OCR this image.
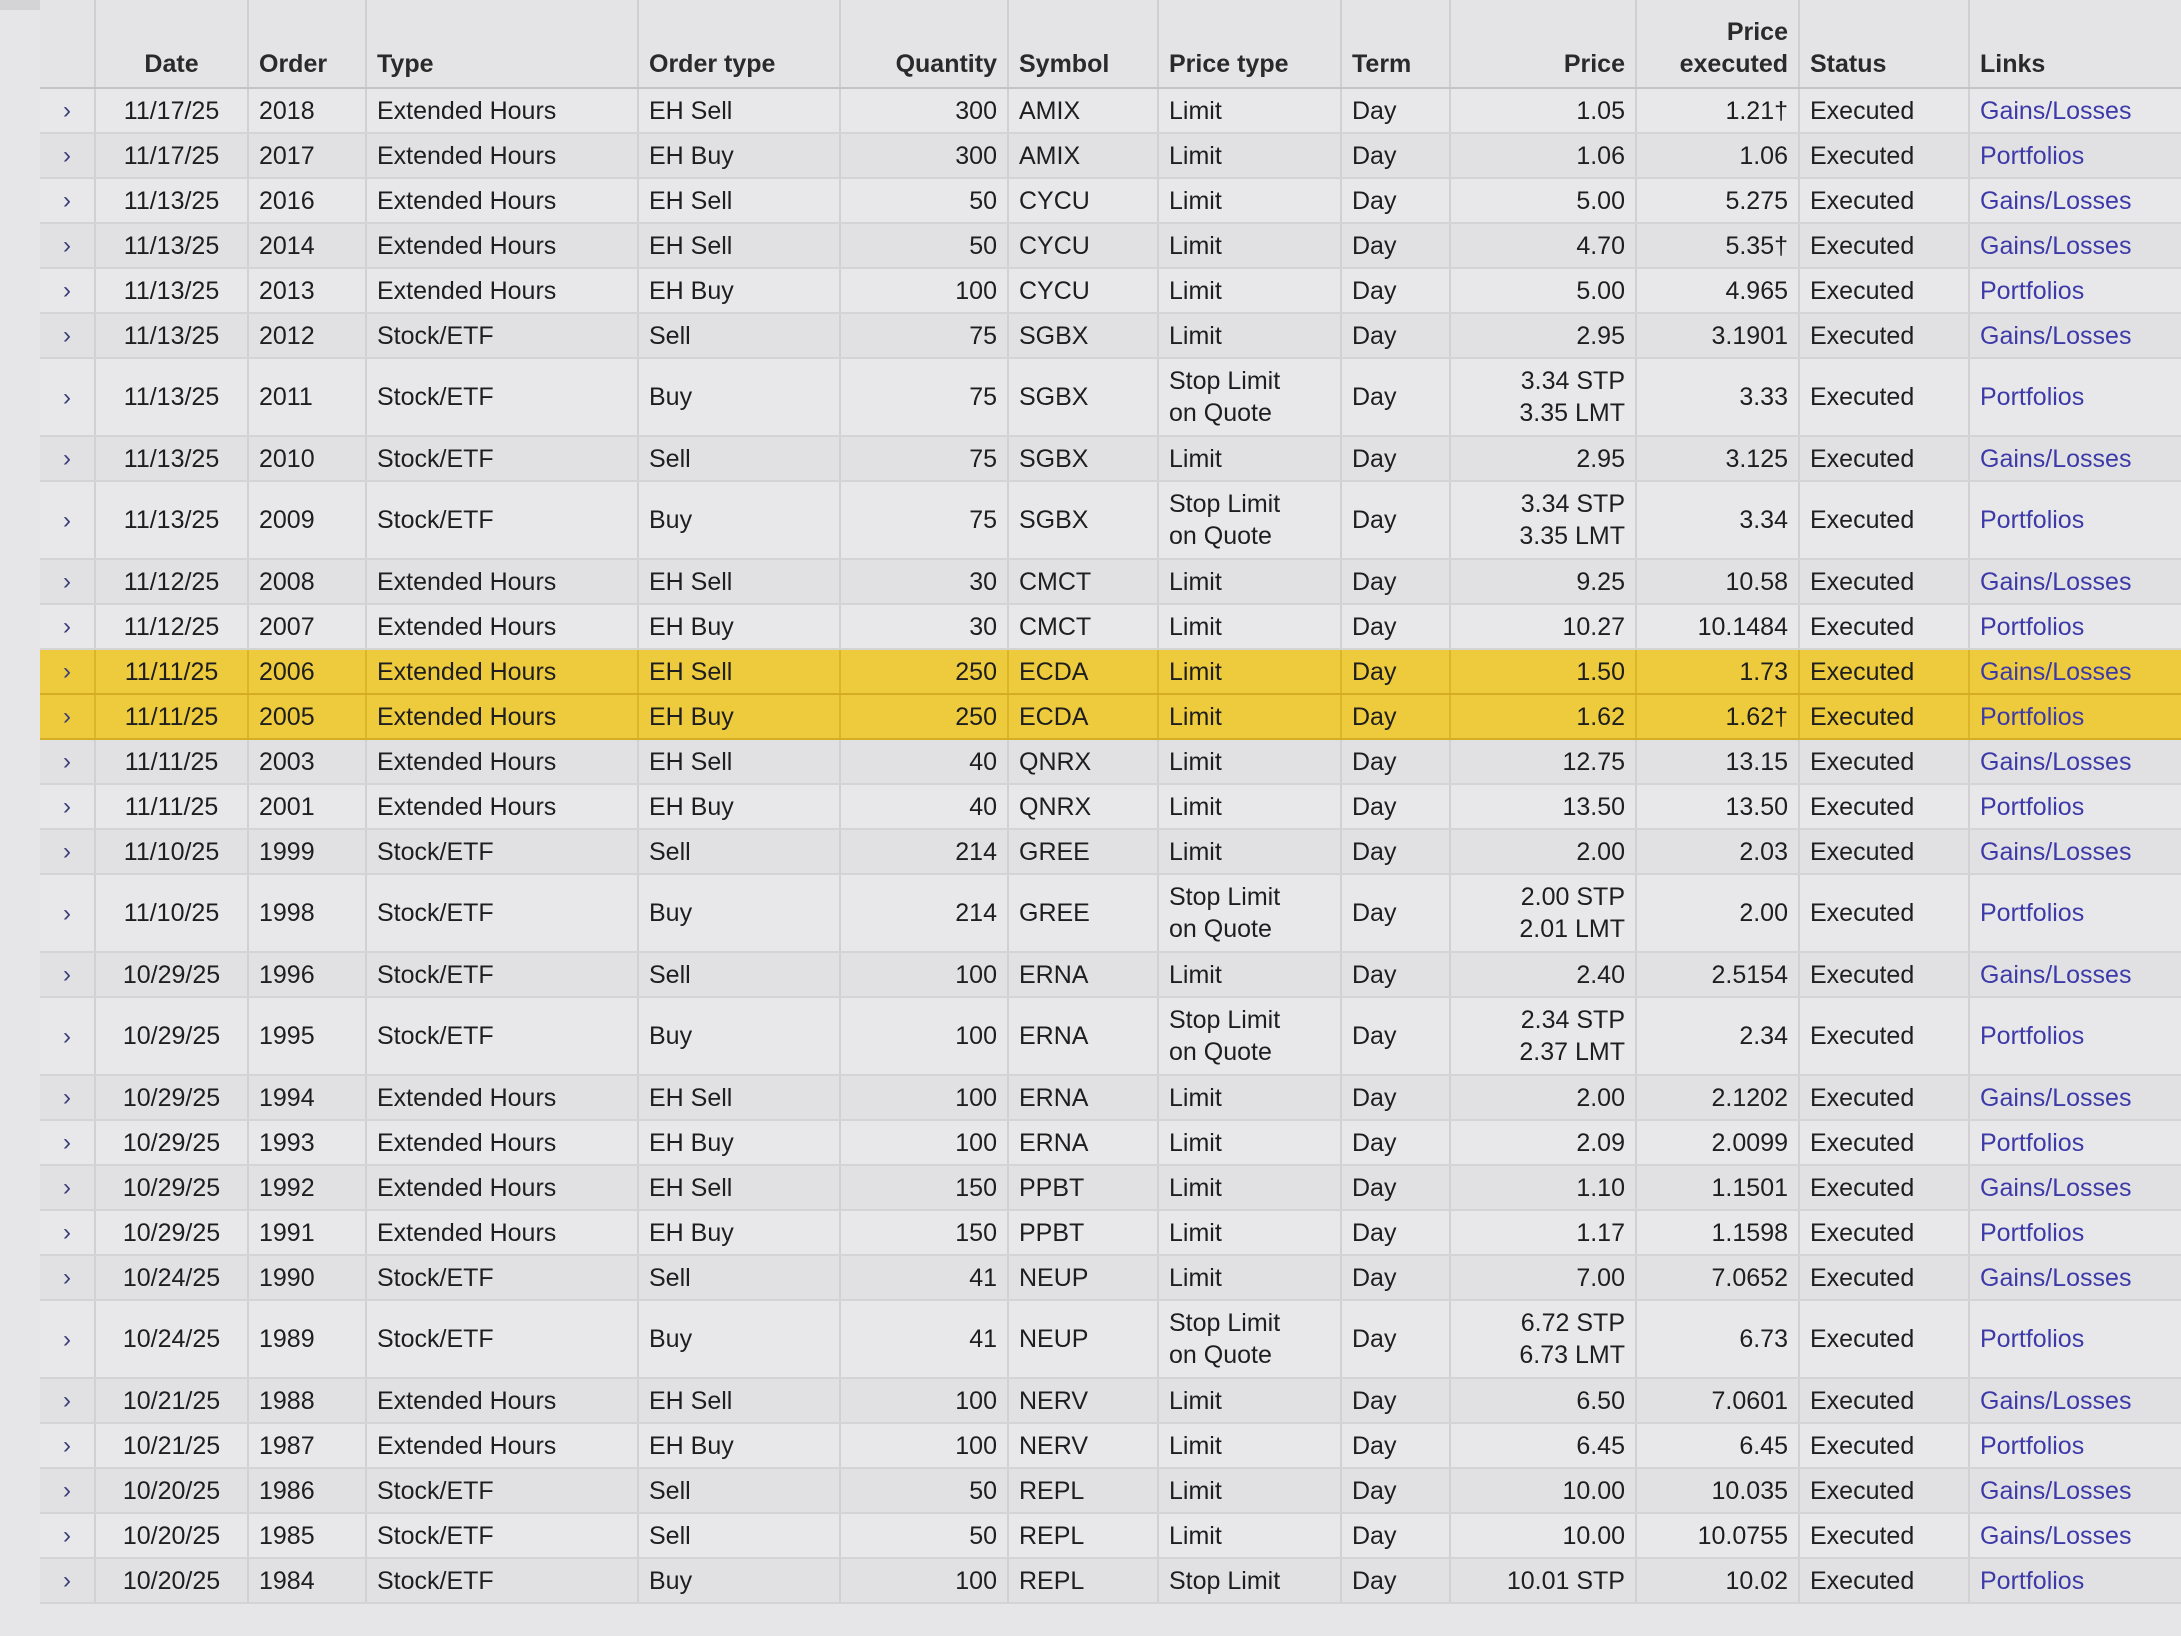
	Date	Order	Type	Order type	Quantity	Symbol	Price type	Term	Price	Price
executed	Status	Links
›	11/17/25	2018	Extended Hours	EH Sell	300	AMIX	Limit	Day	1.05	1.21†	Executed	Gains/Losses
›	11/17/25	2017	Extended Hours	EH Buy	300	AMIX	Limit	Day	1.06	1.06	Executed	Portfolios
›	11/13/25	2016	Extended Hours	EH Sell	50	CYCU	Limit	Day	5.00	5.275	Executed	Gains/Losses
›	11/13/25	2014	Extended Hours	EH Sell	50	CYCU	Limit	Day	4.70	5.35†	Executed	Gains/Losses
›	11/13/25	2013	Extended Hours	EH Buy	100	CYCU	Limit	Day	5.00	4.965	Executed	Portfolios
›	11/13/25	2012	Stock/ETF	Sell	75	SGBX	Limit	Day	2.95	3.1901	Executed	Gains/Losses
›	11/13/25	2011	Stock/ETF	Buy	75	SGBX	Stop Limit
on Quote	Day	3.34 STP
3.35 LMT	3.33	Executed	Portfolios
›	11/13/25	2010	Stock/ETF	Sell	75	SGBX	Limit	Day	2.95	3.125	Executed	Gains/Losses
›	11/13/25	2009	Stock/ETF	Buy	75	SGBX	Stop Limit
on Quote	Day	3.34 STP
3.35 LMT	3.34	Executed	Portfolios
›	11/12/25	2008	Extended Hours	EH Sell	30	CMCT	Limit	Day	9.25	10.58	Executed	Gains/Losses
›	11/12/25	2007	Extended Hours	EH Buy	30	CMCT	Limit	Day	10.27	10.1484	Executed	Portfolios
›	11/11/25	2006	Extended Hours	EH Sell	250	ECDA	Limit	Day	1.50	1.73	Executed	Gains/Losses
›	11/11/25	2005	Extended Hours	EH Buy	250	ECDA	Limit	Day	1.62	1.62†	Executed	Portfolios
›	11/11/25	2003	Extended Hours	EH Sell	40	QNRX	Limit	Day	12.75	13.15	Executed	Gains/Losses
›	11/11/25	2001	Extended Hours	EH Buy	40	QNRX	Limit	Day	13.50	13.50	Executed	Portfolios
›	11/10/25	1999	Stock/ETF	Sell	214	GREE	Limit	Day	2.00	2.03	Executed	Gains/Losses
›	11/10/25	1998	Stock/ETF	Buy	214	GREE	Stop Limit
on Quote	Day	2.00 STP
2.01 LMT	2.00	Executed	Portfolios
›	10/29/25	1996	Stock/ETF	Sell	100	ERNA	Limit	Day	2.40	2.5154	Executed	Gains/Losses
›	10/29/25	1995	Stock/ETF	Buy	100	ERNA	Stop Limit
on Quote	Day	2.34 STP
2.37 LMT	2.34	Executed	Portfolios
›	10/29/25	1994	Extended Hours	EH Sell	100	ERNA	Limit	Day	2.00	2.1202	Executed	Gains/Losses
›	10/29/25	1993	Extended Hours	EH Buy	100	ERNA	Limit	Day	2.09	2.0099	Executed	Portfolios
›	10/29/25	1992	Extended Hours	EH Sell	150	PPBT	Limit	Day	1.10	1.1501	Executed	Gains/Losses
›	10/29/25	1991	Extended Hours	EH Buy	150	PPBT	Limit	Day	1.17	1.1598	Executed	Portfolios
›	10/24/25	1990	Stock/ETF	Sell	41	NEUP	Limit	Day	7.00	7.0652	Executed	Gains/Losses
›	10/24/25	1989	Stock/ETF	Buy	41	NEUP	Stop Limit
on Quote	Day	6.72 STP
6.73 LMT	6.73	Executed	Portfolios
›	10/21/25	1988	Extended Hours	EH Sell	100	NERV	Limit	Day	6.50	7.0601	Executed	Gains/Losses
›	10/21/25	1987	Extended Hours	EH Buy	100	NERV	Limit	Day	6.45	6.45	Executed	Portfolios
›	10/20/25	1986	Stock/ETF	Sell	50	REPL	Limit	Day	10.00	10.035	Executed	Gains/Losses
›	10/20/25	1985	Stock/ETF	Sell	50	REPL	Limit	Day	10.00	10.0755	Executed	Gains/Losses
›	10/20/25	1984	Stock/ETF	Buy	100	REPL	Stop Limit	Day	10.01 STP	10.02	Executed	Portfolios
